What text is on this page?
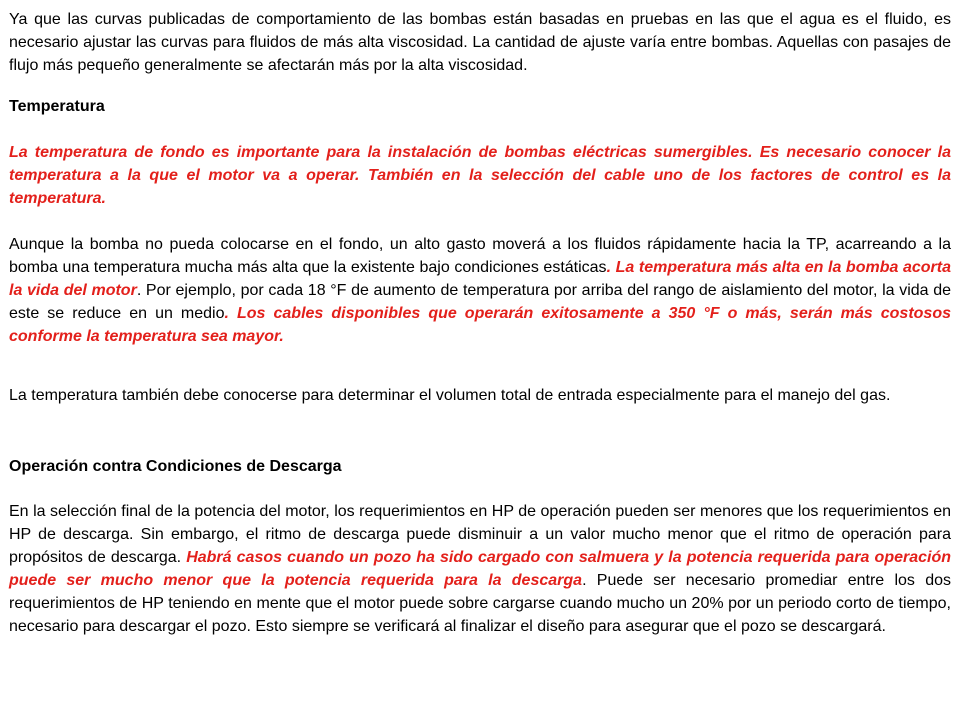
Ya que las curvas publicadas de comportamiento de las bombas están basadas en pruebas en las que el agua es el fluido, es necesario ajustar las curvas para fluidos de más alta viscosidad. La cantidad de ajuste varía entre bombas. Aquellas con pasajes de flujo más pequeño generalmente se afectarán más por la alta viscosidad.

Temperatura

La temperatura de fondo es importante para la instalación de bombas eléctricas sumergibles. Es necesario conocer la temperatura a la que el motor va a operar. También en la selección del cable uno de los factores de control es la temperatura.

Aunque la bomba no pueda colocarse en el fondo, un alto gasto moverá a los fluidos rápidamente hacia la TP, acarreando a la bomba una temperatura mucha más alta que la existente bajo condiciones estáticas. La temperatura más alta en la bomba acorta la vida del motor. Por ejemplo, por cada 18 °F de aumento de temperatura por arriba del rango de aislamiento del motor, la vida de este se reduce en un medio. Los cables disponibles que operarán exitosamente a 350 °F o más, serán más costosos conforme la temperatura sea mayor.

La temperatura también debe conocerse para determinar el volumen total de entrada especialmente para el manejo del gas.

Operación contra Condiciones de Descarga

En la selección final de la potencia del motor, los requerimientos en HP de operación pueden ser menores que los requerimientos en HP de descarga. Sin embargo, el ritmo de descarga puede disminuir a un valor mucho menor que el ritmo de operación para propósitos de descarga. Habrá casos cuando un pozo ha sido cargado con salmuera y la potencia requerida para operación puede ser mucho menor que la potencia requerida para la descarga. Puede ser necesario promediar entre los dos requerimientos de HP teniendo en mente que el motor puede sobre cargarse cuando mucho un 20% por un periodo corto de tiempo, necesario para descargar el pozo. Esto siempre se verificará al finalizar el diseño para asegurar que el pozo se descargará.
